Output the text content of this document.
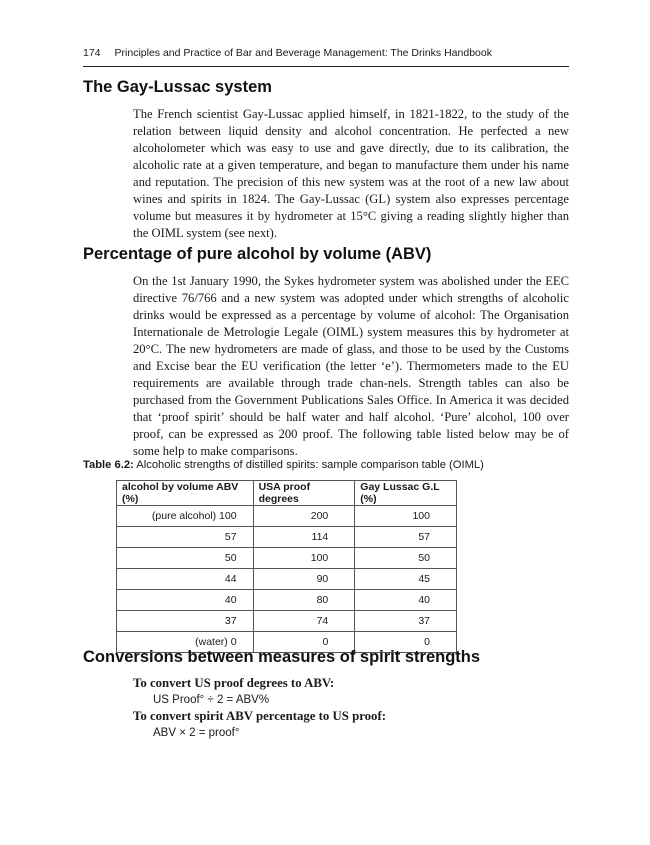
174 Principles and Practice of Bar and Beverage Management: The Drinks Handbook
The Gay-Lussac system

The French scientist Gay-Lussac applied himself, in 1821-1822, to the study of the relation between liquid density and alcohol concentration. He perfected a new alcoholometer which was easy to use and gave directly, due to its calibration, the alcoholic rate at a given temperature, and began to manufacture them under his name and reputation. The precision of this new system was at the root of a new law about wines and spirits in 1824. The Gay-Lussac (GL) system also expresses percentage volume but measures it by hydrometer at 15°C giving a reading slightly higher than the OIML system (see next).

Percentage of pure alcohol by volume (ABV)

On the 1st January 1990, the Sykes hydrometer system was abolished under the EEC directive 76/766 and a new system was adopted under which strengths of alcoholic drinks would be expressed as a percentage by volume of alcohol: The Organisation Internationale de Metrologie Legale (OIML) system measures this by hydrometer at 20°C. The new hydrometers are made of glass, and those to be used by the Customs and Excise bear the EU verification (the letter ‘e’). Thermometers made to the EU requirements are available through trade chan-nels. Strength tables can also be purchased from the Government Publications Sales Office. In America it was decided that ‘proof spirit’ should be half water and half alcohol. ‘Pure’ alcohol, 100 over proof, can be expressed as 200 proof. The following table listed below may be of some help to make comparisons.

Table 6.2: Alcoholic strengths of distilled spirits: sample comparison table (OIML)
alcohol by volume ABV (%)	USA proof degrees	Gay Lussac G.L (%)
(pure alcohol) 100	200	100
57	114	57
50	100	50
44	90	45
40	80	40
37	74	37
(water) 0	0	0
Conversions between measures of spirit strengths
To convert US proof degrees to ABV:
US Proof° ÷ 2 = ABV%
To convert spirit ABV percentage to US proof:
ABV × 2 = proof°
